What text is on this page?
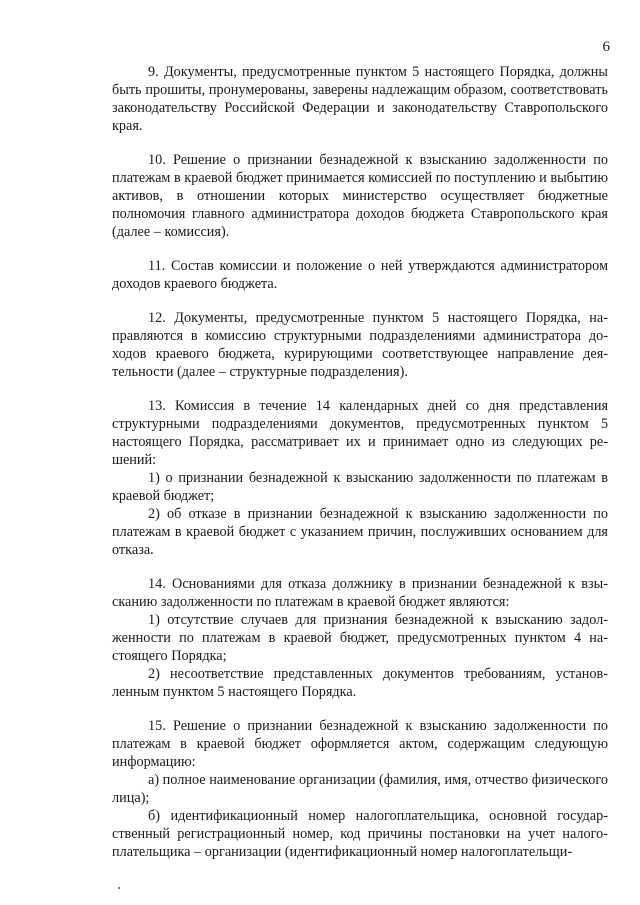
6

9. Документы, предусмотренные пунктом 5 настоящего Порядка, должны быть прошиты, пронумерованы, заверены надлежащим образом, соответствовать законодательству Российской Федерации и законодательству Ставропольского края.

10. Решение о признании безнадежной к взысканию задолженности по платежам в краевой бюджет принимается комиссией по поступлению и выбытию активов, в отношении которых министерство осуществляет бюджетные полномочия главного администратора доходов бюджета Ставропольского края (далее – комиссия).

11. Состав комиссии и положение о ней утверждаются администратором доходов краевого бюджета.

12. Документы, предусмотренные пунктом 5 настоящего Порядка, направляются в комиссию структурными подразделениями администратора доходов краевого бюджета, курирующими соответствующее направление деятельности (далее – структурные подразделения).

13. Комиссия в течение 14 календарных дней со дня представления структурными подразделениями документов, предусмотренных пунктом 5 настоящего Порядка, рассматривает их и принимает одно из следующих решений:

1) о признании безнадежной к взысканию задолженности по платежам в краевой бюджет;

2) об отказе в признании безнадежной к взысканию задолженности по платежам в краевой бюджет с указанием причин, послуживших основанием для отказа.

14. Основаниями для отказа должнику в признании безнадежной к взысканию задолженности по платежам в краевой бюджет являются:

1) отсутствие случаев для признания безнадежной к взысканию задолженности по платежам в краевой бюджет, предусмотренных пунктом 4 настоящего Порядка;

2) несоответствие представленных документов требованиям, установленным пунктом 5 настоящего Порядка.

15. Решение о признании безнадежной к взысканию задолженности по платежам в краевой бюджет оформляется актом, содержащим следующую информацию:

а) полное наименование организации (фамилия, имя, отчество физического лица);

б) идентификационный номер налогоплательщика, основной государственный регистрационный номер, код причины постановки на учет налогоплательщика – организации (идентификационный номер налогоплательщи-
